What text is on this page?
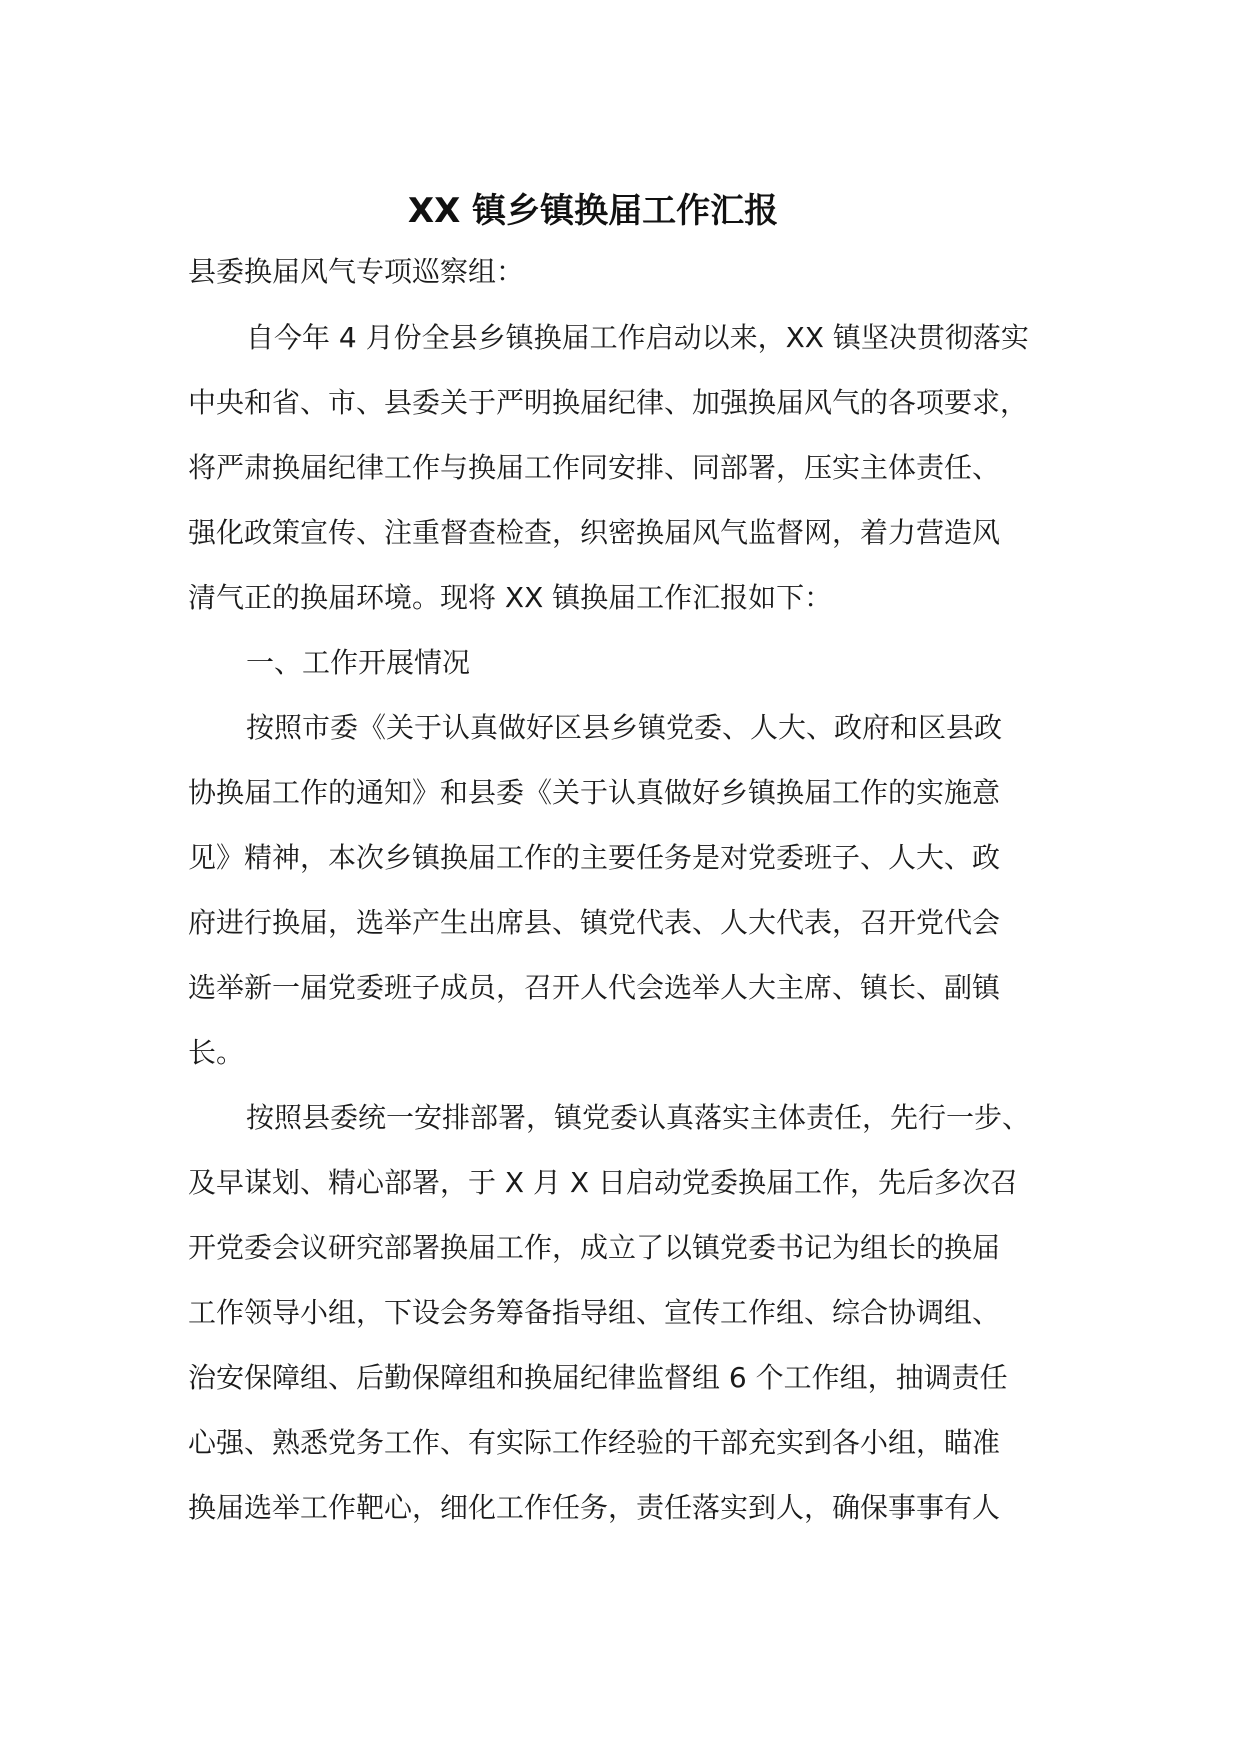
XX 镇乡镇换届工作汇报

县委换届风气专项巡察组：

自今年 4 月份全县乡镇换届工作启动以来，XX 镇坚决贯彻落实

中央和省、市、县委关于严明换届纪律、加强换届风气的各项要求，

将严肃换届纪律工作与换届工作同安排、同部署，压实主体责任、

强化政策宣传、注重督查检查，织密换届风气监督网，着力营造风

清气正的换届环境。现将 XX 镇换届工作汇报如下：

一、工作开展情况

按照市委《关于认真做好区县乡镇党委、人大、政府和区县政

协换届工作的通知》和县委《关于认真做好乡镇换届工作的实施意

见》精神，本次乡镇换届工作的主要任务是对党委班子、人大、政

府进行换届，选举产生出席县、镇党代表、人大代表，召开党代会

选举新一届党委班子成员，召开人代会选举人大主席、镇长、副镇

长。

按照县委统一安排部署，镇党委认真落实主体责任，先行一步、

及早谋划、精心部署，于 X 月 X 日启动党委换届工作，先后多次召

开党委会议研究部署换届工作，成立了以镇党委书记为组长的换届

工作领导小组，下设会务筹备指导组、宣传工作组、综合协调组、

治安保障组、后勤保障组和换届纪律监督组 6 个工作组，抽调责任

心强、熟悉党务工作、有实际工作经验的干部充实到各小组，瞄准

换届选举工作靶心，细化工作任务，责任落实到人，确保事事有人
